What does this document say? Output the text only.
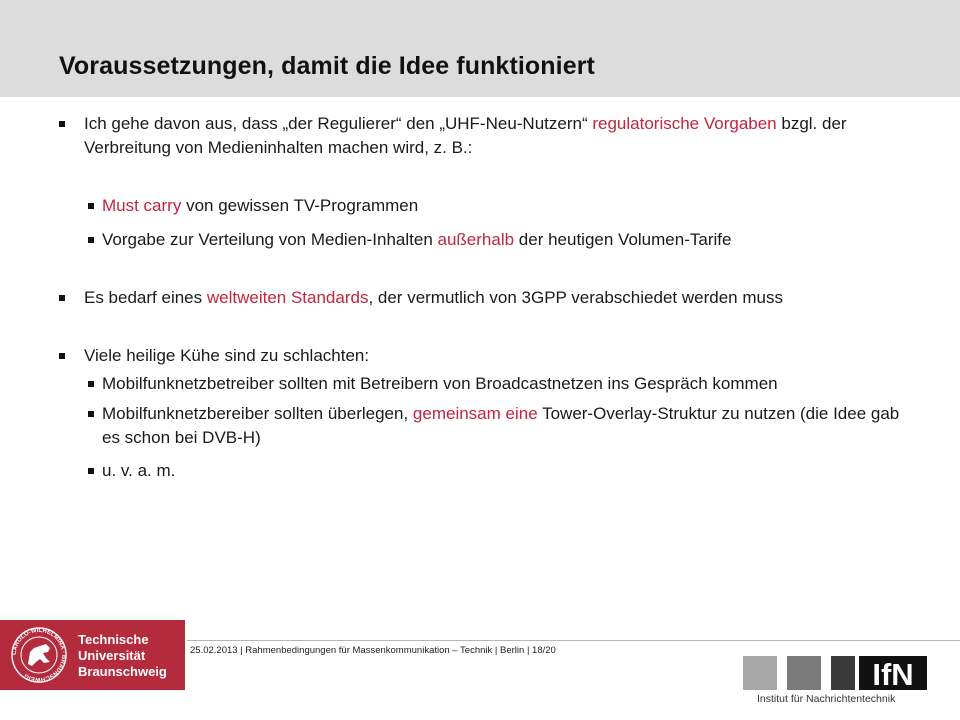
Voraussetzungen, damit die Idee funktioniert
Ich gehe davon aus, dass „der Regulierer“ den „UHF-Neu-Nutzern“ regulatorische Vorgaben bzgl. der Verbreitung von Medieninhalten machen wird, z. B.:
Must carry von gewissen TV-Programmen
Vorgabe zur Verteilung von Medien-Inhalten außerhalb der heutigen Volumen-Tarife
Es bedarf eines weltweiten Standards, der vermutlich von 3GPP verabschiedet werden muss
Viele heilige Kühe sind zu schlachten:
Mobilfunknetzbetreiber sollten mit Betreibern von Broadcastnetzen ins Gespräch kommen
Mobilfunknetzbereiber sollten überlegen, gemeinsam eine Tower-Overlay-Struktur zu nutzen (die Idee gab es schon bei DVB-H)
u. v. a. m.
25.02.2013 | Rahmenbedingungen für Massenkommunikation – Technik | Berlin | 18/20
CAROLO-WILHELMINA · BRAUNSCHWEIG
Technische
Universität
Braunschweig	IfN
Institut für Nachrichtentechnik
